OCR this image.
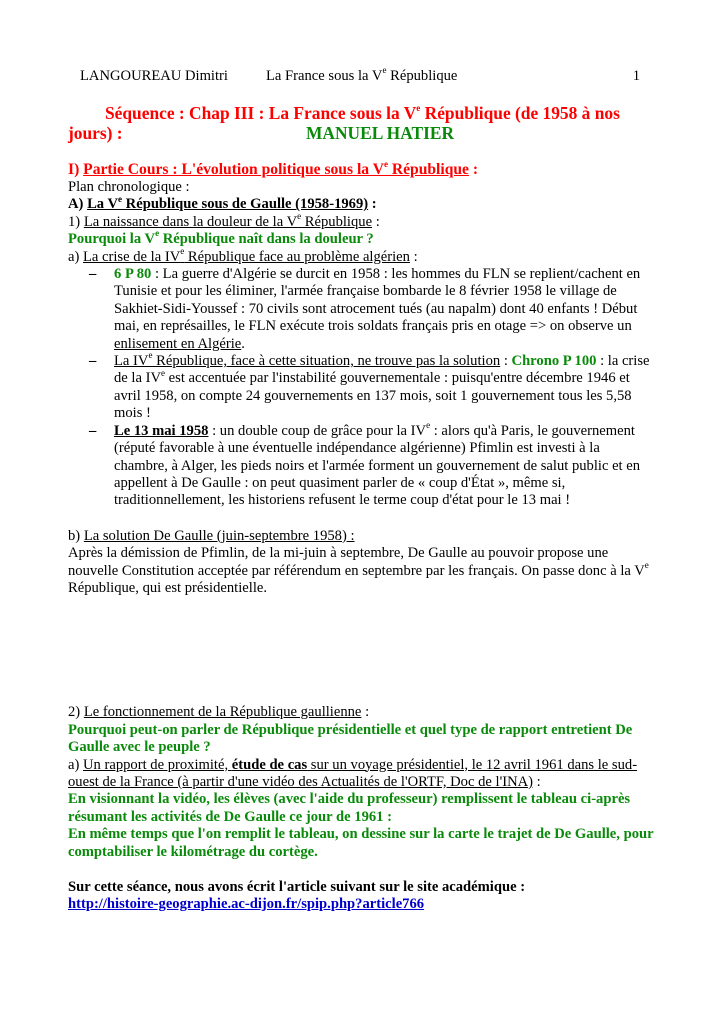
LANGOUREAU Dimitri	La France sous la Ve République	1
Séquence : Chap III : La France sous la Ve République (de 1958 à nos
jours) :	MANUEL HATIER
I) Partie Cours : L'évolution politique sous la Ve République :
Plan chronologique :
A) La Ve République sous de Gaulle (1958-1969) :
1) La naissance dans la douleur de la Ve République :
Pourquoi la Ve République naît dans la douleur ?
a) La crise de la IVe République face au problème algérien :
– 6 P 80 : La guerre d'Algérie se durcit en 1958 : les hommes du FLN se replient/cachent en Tunisie et pour les éliminer, l'armée française bombarde le 8 février 1958 le village de Sakhiet-Sidi-Youssef : 70 civils sont atrocement tués (au napalm) dont 40 enfants ! Début mai, en représailles, le FLN exécute trois soldats français pris en otage => on observe un enlisement en Algérie.
– La IVe République, face à cette situation, ne trouve pas la solution : Chrono P 100 : la crise de la IVe est accentuée par l'instabilité gouvernementale : puisqu'entre décembre 1946 et avril 1958, on compte 24 gouvernements en 137 mois, soit 1 gouvernement tous les 5,58 mois !
– Le 13 mai 1958 : un double coup de grâce pour la IVe : alors qu'à Paris, le gouvernement (réputé favorable à une éventuelle indépendance algérienne) Pfimlin est investi à la chambre, à Alger, les pieds noirs et l'armée forment un gouvernement de salut public et en appellent à De Gaulle : on peut quasiment parler de « coup d'État », même si, traditionnellement, les historiens refusent le terme coup d'état pour le 13 mai !
b) La solution De Gaulle (juin-septembre 1958) :
Après la démission de Pfimlin, de la mi-juin à septembre, De Gaulle au pouvoir propose une nouvelle Constitution acceptée par référendum en septembre par les français. On passe donc à la Ve République, qui est présidentielle.
2) Le fonctionnement de la République gaullienne :
Pourquoi peut-on parler de République présidentielle et quel type de rapport entretient De Gaulle avec le peuple ?
a) Un rapport de proximité, étude de cas sur un voyage présidentiel, le 12 avril 1961 dans le sud-ouest de la France (à partir d'une vidéo des Actualités de l'ORTF, Doc de l'INA) :
En visionnant la vidéo, les élèves (avec l'aide du professeur) remplissent le tableau ci-après résumant les activités de De Gaulle ce jour de 1961 :
En même temps que l'on remplit le tableau, on dessine sur la carte le trajet de De Gaulle, pour comptabiliser le kilométrage du cortège.
Sur cette séance, nous avons écrit l'article suivant sur le site académique :
http://histoire-geographie.ac-dijon.fr/spip.php?article766
